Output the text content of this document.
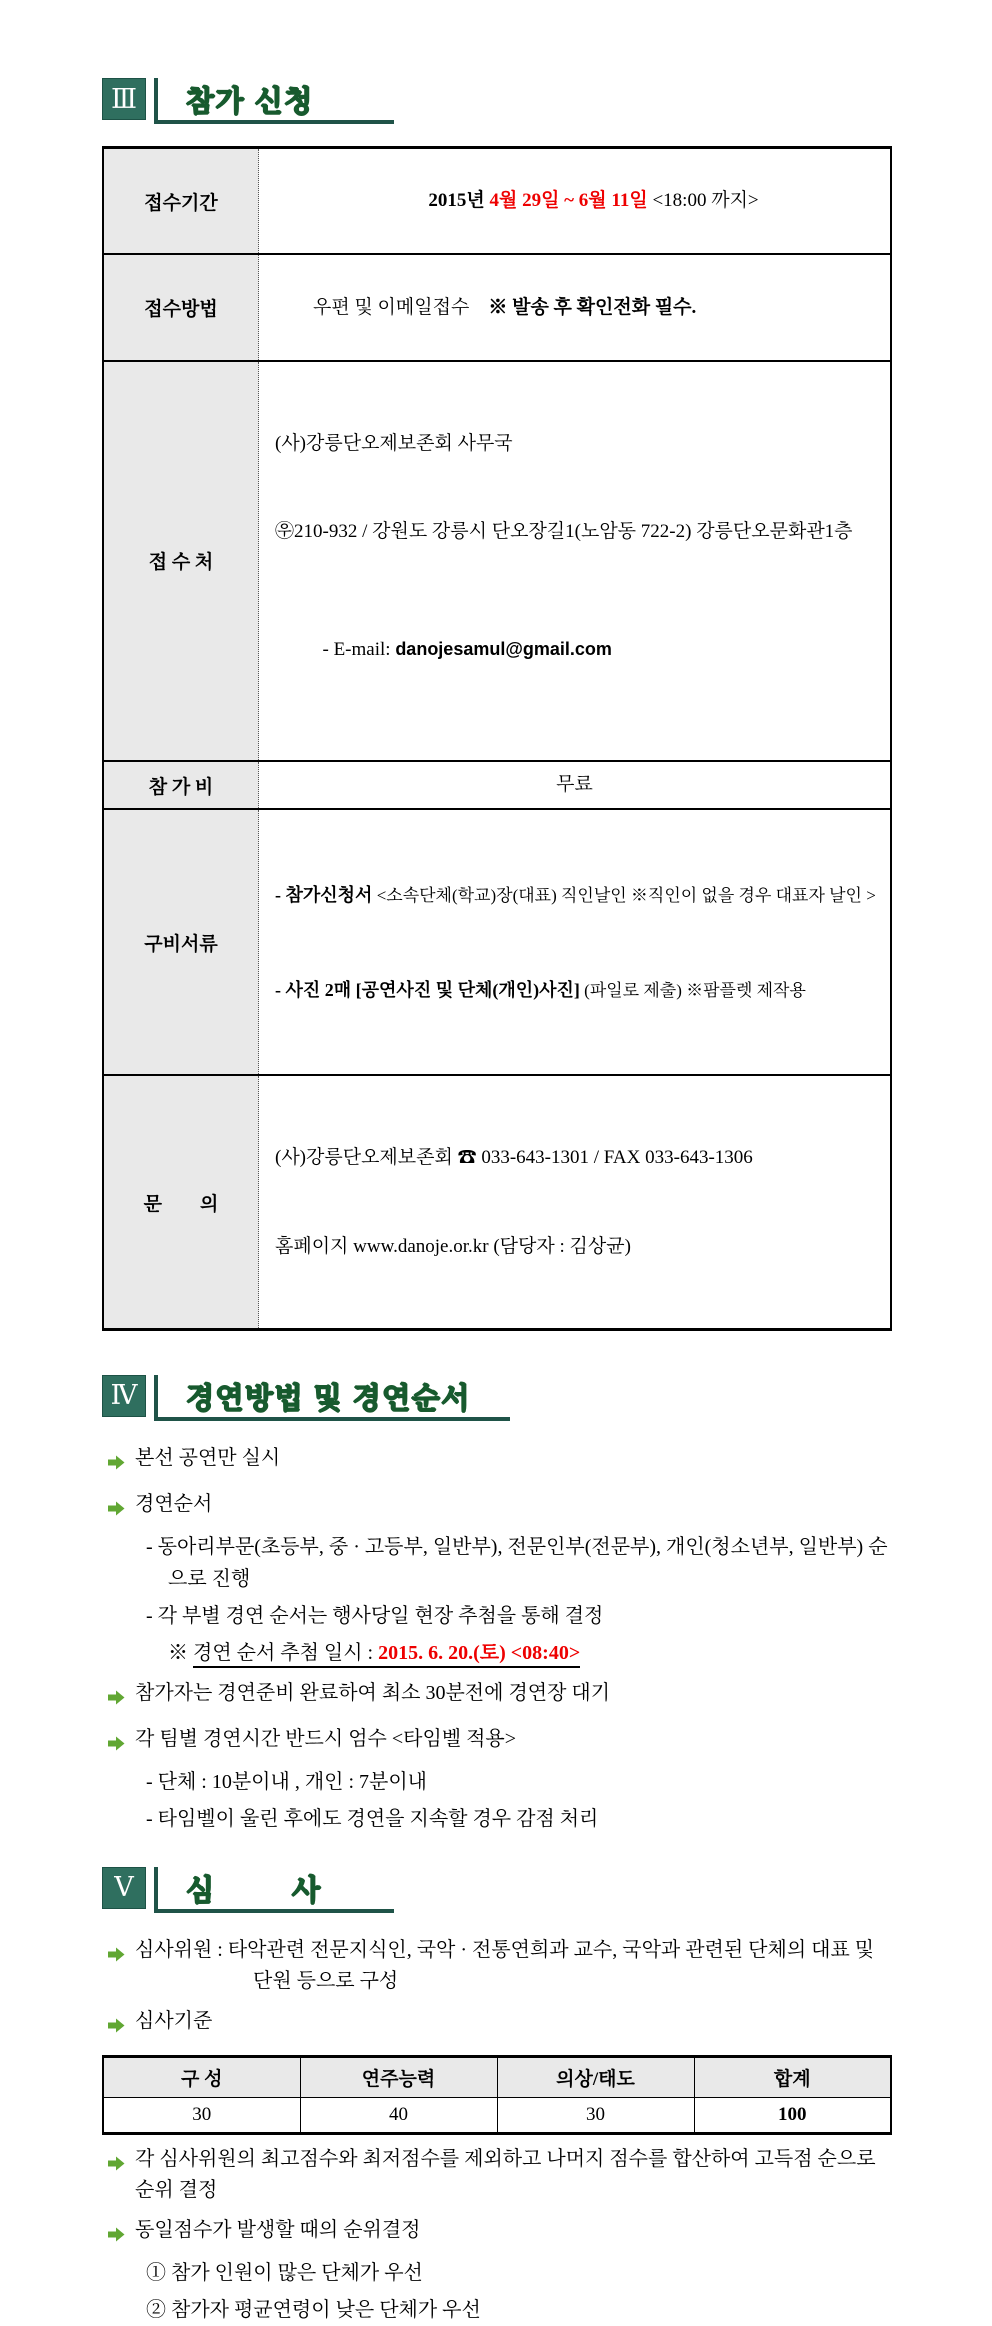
Ⅲ	참가 신청
접수기간	2015년 4월 29일 ~ 6월 11일 <18:00 까지>

접수방법	우편 및 이메일접수    ※ 발송 후 확인전화 필수.

접 수 처	(사)강릉단오제보존회 사무국

㉾210-932 / 강원도 강릉시 단오장길1(노암동 722-2) 강릉단오문화관1층

- E-mail: danojesamul@gmail.com

참 가 비	무료
구비서류	- 참가신청서 <소속단체(학교)장(대표) 직인날인 ※직인이 없을 경우 대표자 날인 >

- 사진 2매 [공연사진 및 단체(개인)사진] (파일로 제출) ※팜플렛 제작용

문        의	(사)강릉단오제보존회 ☎ 033-643-1301 / FAX 033-643-1306

홈페이지 www.danoje.or.kr (담당자 : 김상균)

Ⅳ	경연방법 및 경연순서
본선 공연만 실시
경연순서
- 동아리부문(초등부, 중 · 고등부, 일반부), 전문인부(전문부), 개인(청소년부, 일반부) 순으로 진행
- 각 부별 경연 순서는 행사당일 현장 추첨을 통해 결정
※ 경연 순서 추첨 일시 : 2015. 6. 20.(토) <08:40>
참가자는 경연준비 완료하여 최소 30분전에 경연장 대기
각 팀별 경연시간 반드시 엄수 <타임벨 적용>
- 단체 : 10분이내 , 개인 : 7분이내
- 타임벨이 울린 후에도 경연을 지속할 경우 감점 처리
Ⅴ	심        사
심사위원 : 타악관련 전문지식인, 국악 · 전통연희과 교수, 국악과 관련된 단체의 대표 및 단원 등으로 구성
심사기준
구 성	연주능력	의상/태도	합계
30	40	30	100
각 심사위원의 최고점수와 최저점수를 제외하고 나머지 점수를 합산하여 고득점 순으로 순위 결정
동일점수가 발생할 때의 순위결정
① 참가 인원이 많은 단체가 우선
② 참가자 평균연령이 낮은 단체가 우선
